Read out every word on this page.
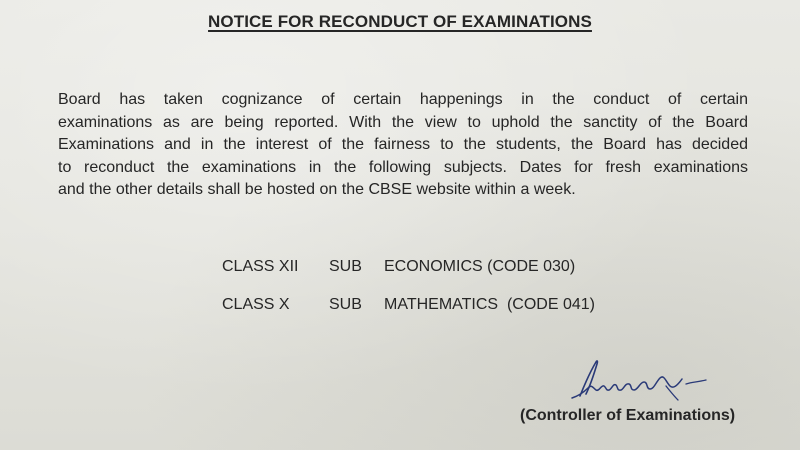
NOTICE FOR RECONDUCT OF EXAMINATIONS

Board has taken cognizance of certain happenings in the conduct of certain
examinations as are being reported. With the view to uphold the sanctity of the Board
Examinations and in the interest of the fairness to the students, the Board has decided
to reconduct the examinations in the following subjects. Dates for fresh examinations
and the other details shall be hosted on the CBSE website within a week.

CLASS XII SUB ECONOMICS (CODE 030)
CLASS X SUB MATHEMATICS  (CODE 041)
(Controller of Examinations)
